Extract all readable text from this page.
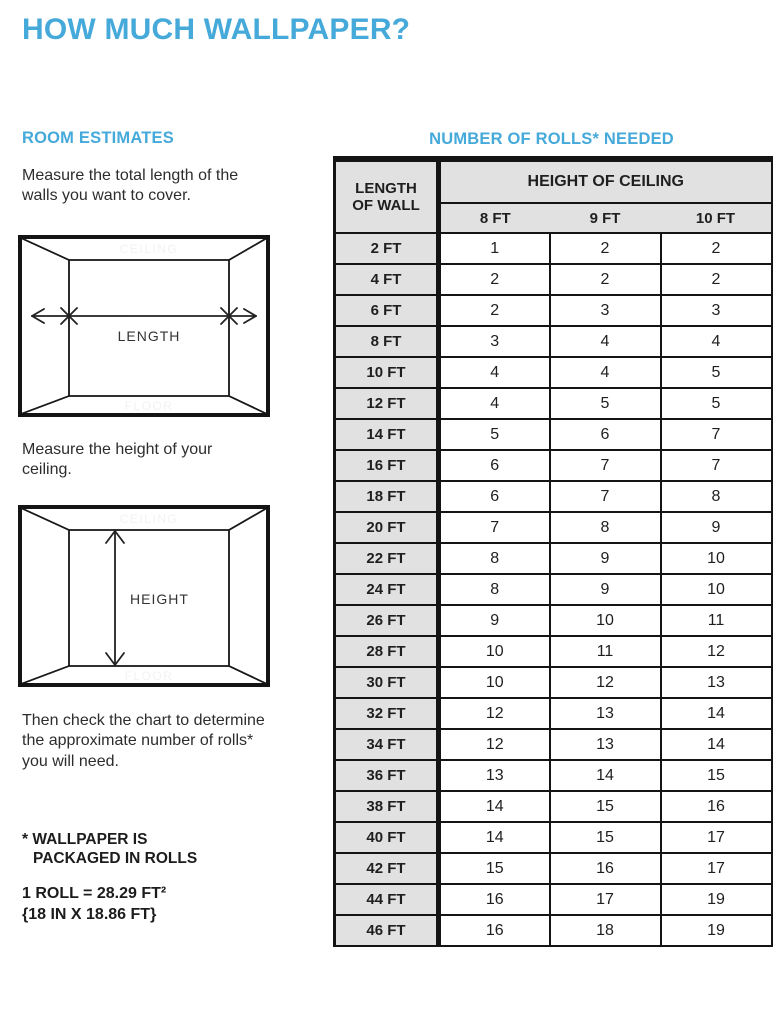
HOW MUCH WALLPAPER?
ROOM ESTIMATES

Measure the total length of the walls you want to cover.

CEILING
FLOOR
LENGTH

Measure the height of your ceiling.

CEILING
FLOOR
HEIGHT

Then check the chart to determine the approximate number of rolls* you will need.

* WALLPAPER IS
PACKAGED IN ROLLS
1 ROLL = 28.29 FT²
{18 IN X 18.86 FT}
NUMBER OF ROLLS* NEEDED
LENGTH OF WALL	HEIGHT OF CEILING		
	8 FT	9 FT	10 FT
2 FT	1	2	2
4 FT	2	2	2
6 FT	2	3	3
8 FT	3	4	4
10 FT	4	4	5
12 FT	4	5	5
14 FT	5	6	7
16 FT	6	7	7
18 FT	6	7	8
20 FT	7	8	9
22 FT	8	9	10
24 FT	8	9	10
26 FT	9	10	11
28 FT	10	11	12
30 FT	10	12	13
32 FT	12	13	14
34 FT	12	13	14
36 FT	13	14	15
38 FT	14	15	16
40 FT	14	15	17
42 FT	15	16	17
44 FT	16	17	19
46 FT	16	18	19
